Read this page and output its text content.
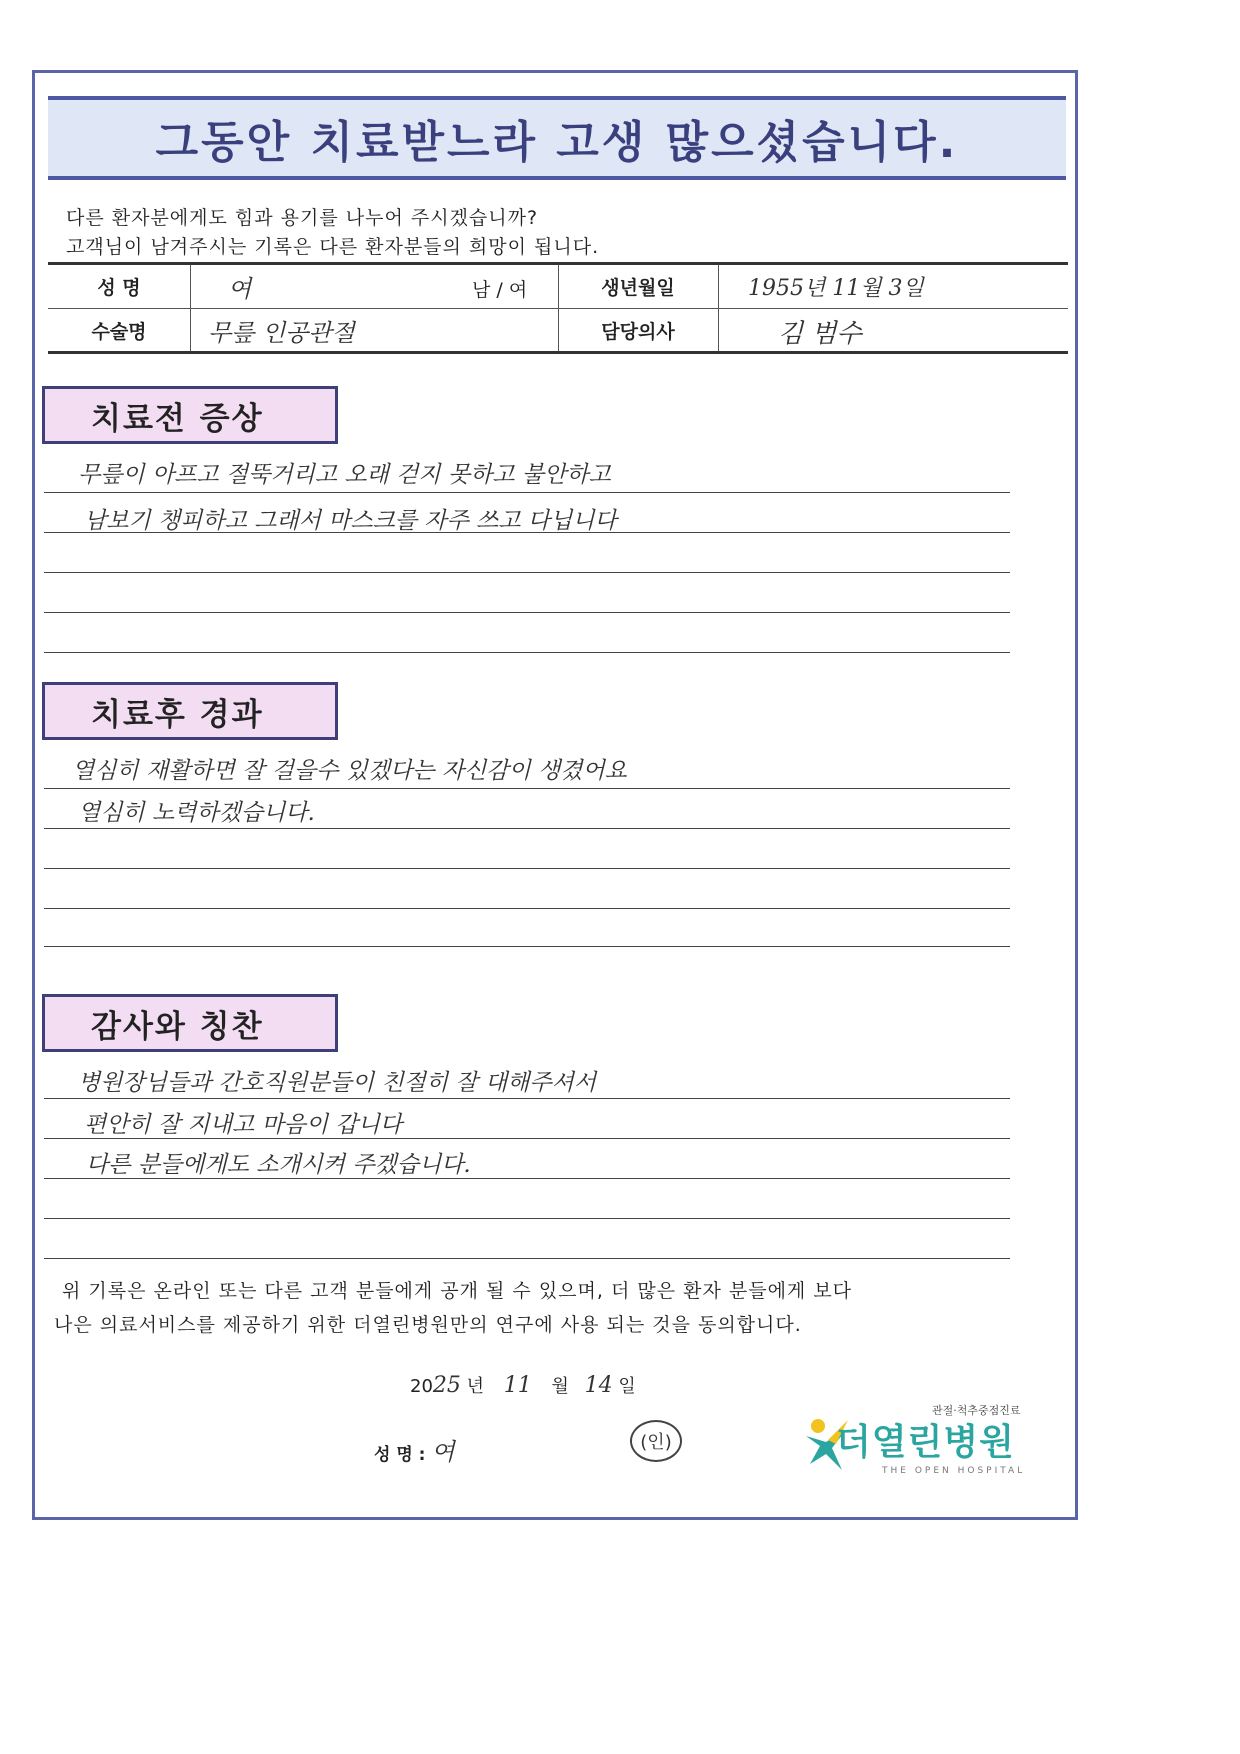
그동안 치료받느라 고생 많으셨습니다.
다른 환자분에게도 힘과 용기를 나누어 주시겠습니까?
고객님이 남겨주시는 기록은 다른 환자분들의 희망이 됩니다.
성 명	여	남 / 여	생년월일	1955년 11월 3일
수술명	무릎 인공관절	담당의사	김 범수
치료전 증상
무릎이 아프고 절뚝거리고 오래 걷지 못하고 불안하고
남보기 챙피하고 그래서 마스크를 자주 쓰고 다닙니다
치료후 경과
열심히 재활하면 잘 걸을수 있겠다는 자신감이 생겼어요
열심히 노력하겠습니다.
감사와 칭찬
병원장님들과 간호직원분들이 친절히 잘 대해주셔서
편안히 잘 지내고 마음이 갑니다
다른 분들에게도 소개시켜 주겠습니다.
위 기록은 온라인 또는 다른 고객 분들에게 공개 될 수 있으며, 더 많은 환자 분들에게 보다
나은 의료서비스를 제공하기 위한 더열린병원만의 연구에 사용 되는 것을 동의합니다.
2025 년 11 월 14 일
성 명 : 여	(인)
관절·척추중점진료
더열린병원
THE OPEN HOSPITAL
